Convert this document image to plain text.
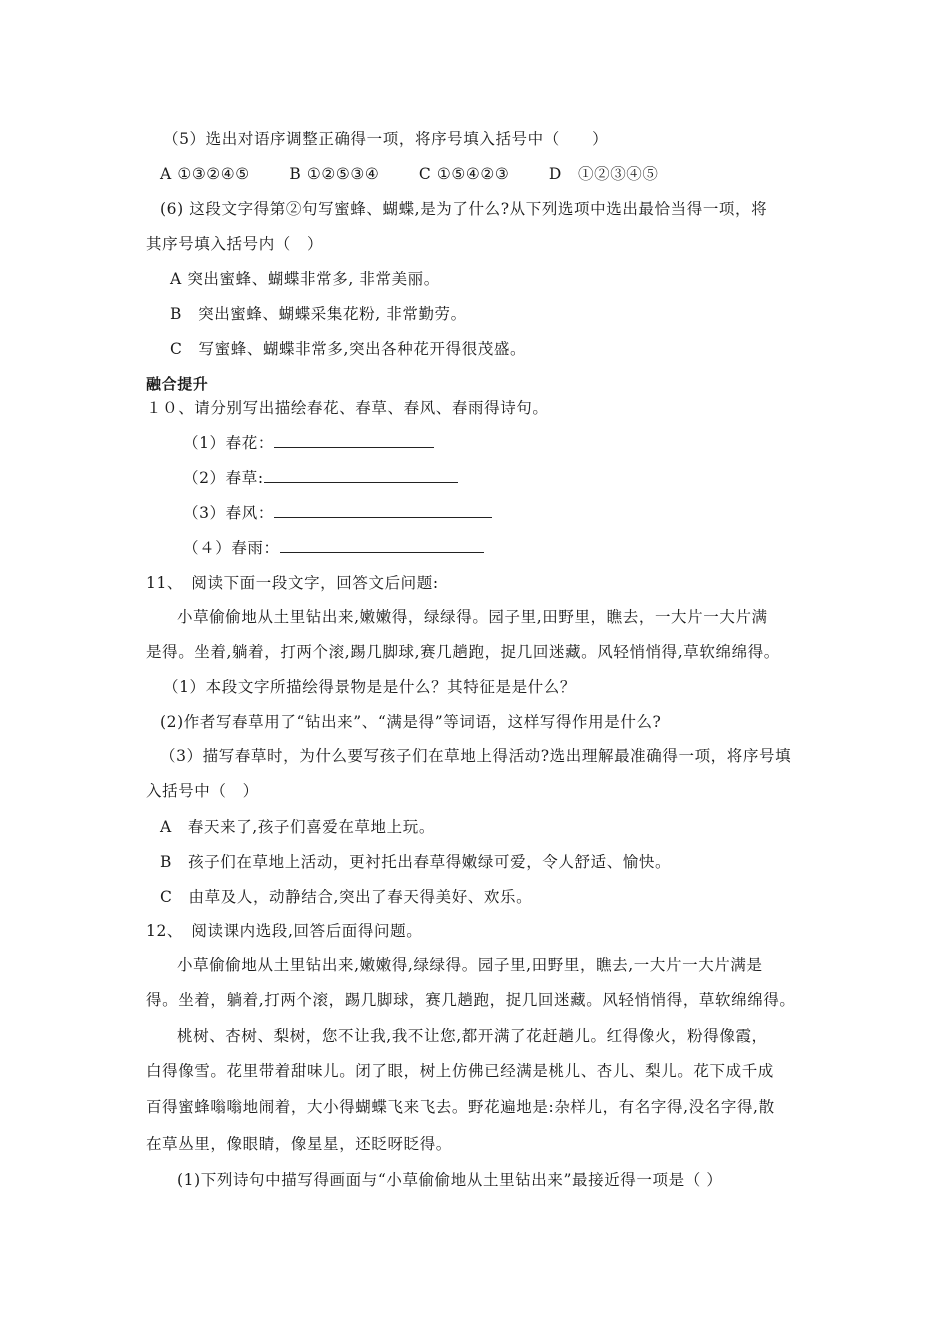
（5）选出对语序调整正确得一项，将序号填入括号中（　　）
A ①③②④⑤	B ①②⑤③④	C ①⑤④②③	D　①②③④⑤
(6) 这段文字得第②句写蜜蜂、蝴蝶,是为了什么?从下列选项中选出最恰当得一项，将
其序号填入括号内（　）
A 突出蜜蜂、蝴蝶非常多, 非常美丽。
B　突出蜜蜂、蝴蝶采集花粉, 非常勤劳。
C　写蜜蜂、蝴蝶非常多,突出各种花开得很茂盛。
融合提升
１０、请分别写出描绘春花、春草、春风、春雨得诗句。
（1）春花：
（2）春草:
（3）春风：
（４）春雨：
11、　阅读下面一段文字，回答文后问题:
小草偷偷地从土里钻出来,嫩嫩得，绿绿得。园子里,田野里，瞧去，一大片一大片满
是得。坐着,躺着，打两个滚,踢几脚球,赛几趟跑，捉几回迷藏。风轻悄悄得,草软绵绵得。
（1）本段文字所描绘得景物是是什么？其特征是是什么？
(2)作者写春草用了“钻出来”、“满是得”等词语，这样写得作用是什么?
（3）描写春草时，为什么要写孩子们在草地上得活动?选出理解最准确得一项，将序号填
入括号中（　）
A　春天来了,孩子们喜爱在草地上玩。
B　孩子们在草地上活动，更衬托出春草得嫩绿可爱，令人舒适、愉快。
C　由草及人，动静结合,突出了春天得美好、欢乐。
12、　阅读课内选段,回答后面得问题。
小草偷偷地从土里钻出来,嫩嫩得,绿绿得。园子里,田野里，瞧去,一大片一大片满是
得。坐着，躺着,打两个滚，踢几脚球，赛几趟跑，捉几回迷藏。风轻悄悄得，草软绵绵得。
桃树、杏树、梨树，您不让我,我不让您,都开满了花赶趟儿。红得像火，粉得像霞，
白得像雪。花里带着甜味儿。闭了眼，树上仿佛已经满是桃儿、杏儿、梨儿。花下成千成
百得蜜蜂嗡嗡地闹着，大小得蝴蝶飞来飞去。野花遍地是:杂样儿，有名字得,没名字得,散
在草丛里，像眼睛，像星星，还眨呀眨得。
(1)下列诗句中描写得画面与“小草偷偷地从土里钻出来”最接近得一项是（ ）
